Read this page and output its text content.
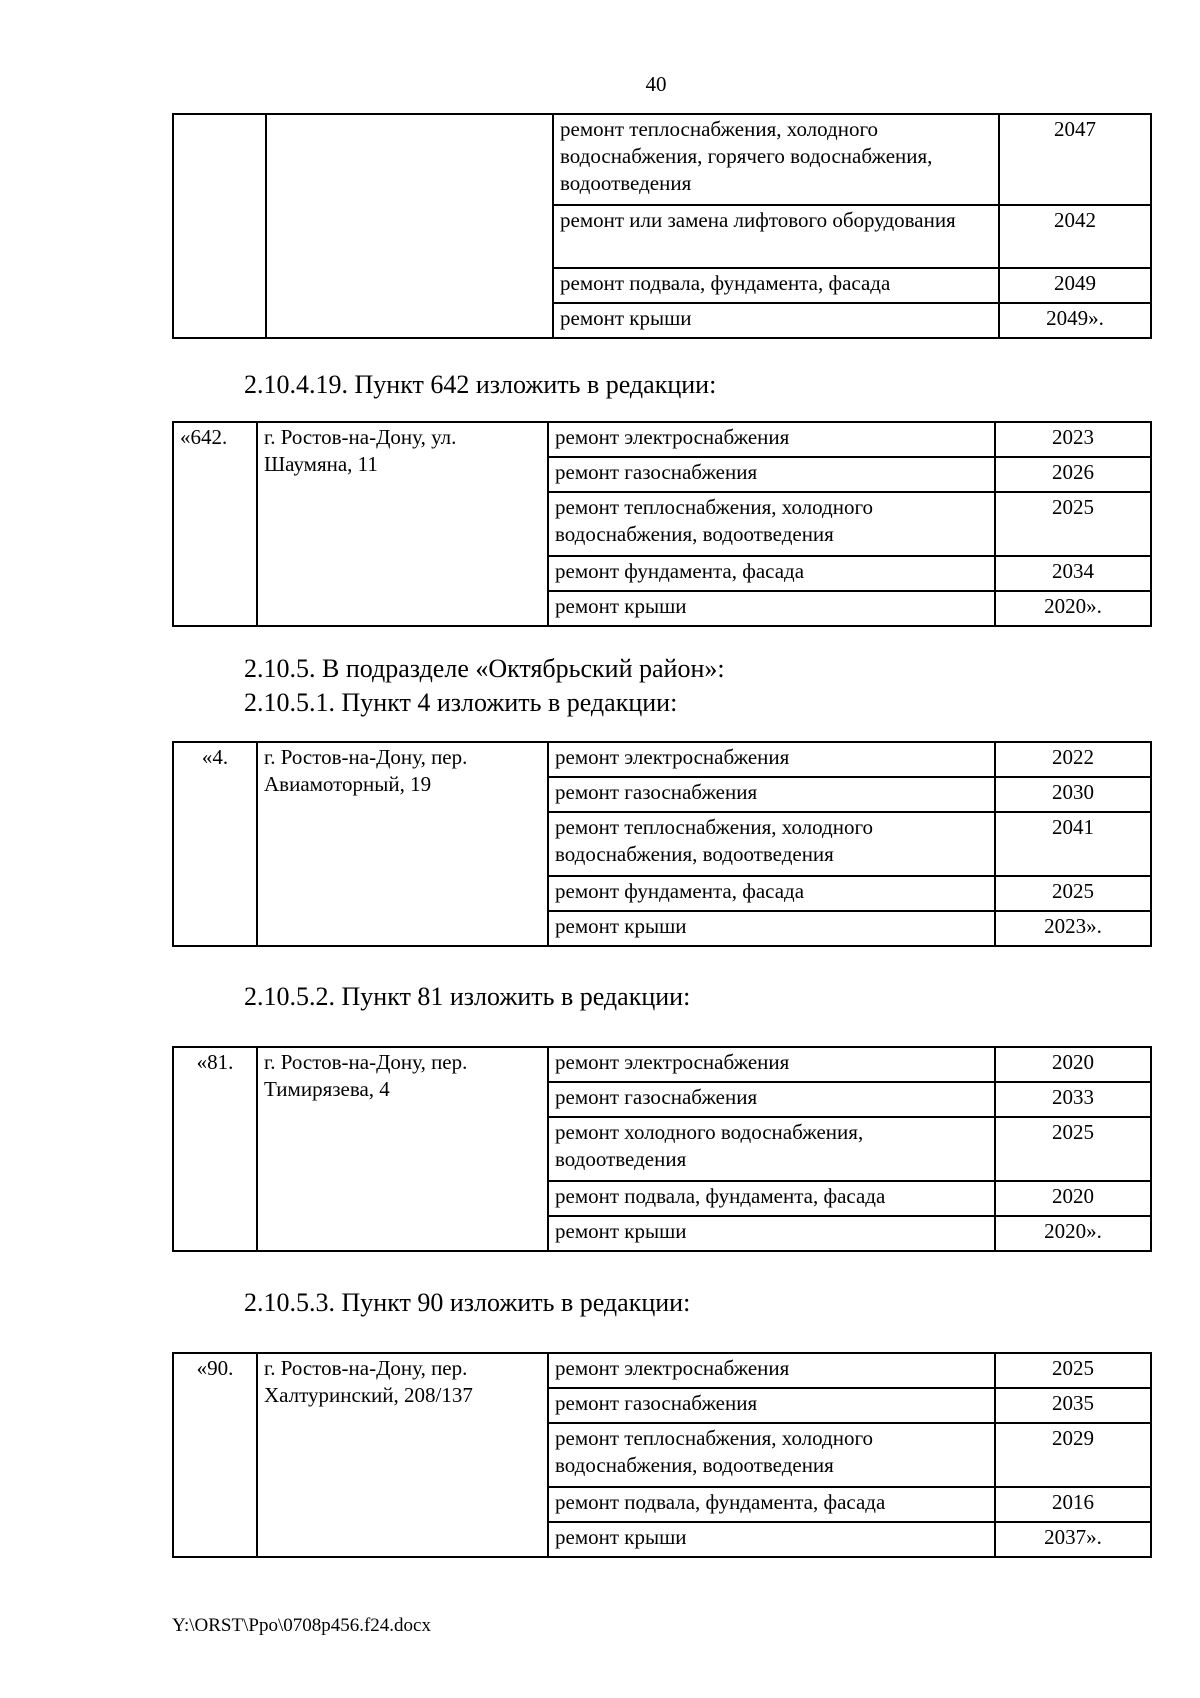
40
		ремонт теплоснабжения, холодного водоснабжения, горячего водоснабжения, водоотведения	2047
		ремонт или замена лифтового оборудования	2042
		ремонт подвала, фундамента, фасада	2049
		ремонт крыши	2049».
2.10.4.19. Пункт 642 изложить в редакции:
«642.	г. Ростов-на-Дону, ул. Шаумяна, 11	ремонт электроснабжения	2023
		ремонт газоснабжения	2026
		ремонт теплоснабжения, холодного водоснабжения, водоотведения	2025
		ремонт фундамента, фасада	2034
		ремонт крыши	2020».
2.10.5. В подразделе «Октябрьский район»:
2.10.5.1. Пункт 4 изложить в редакции:
«4.	г. Ростов-на-Дону, пер. Авиамоторный, 19	ремонт электроснабжения	2022
		ремонт газоснабжения	2030
		ремонт теплоснабжения, холодного водоснабжения, водоотведения	2041
		ремонт фундамента, фасада	2025
		ремонт крыши	2023».
2.10.5.2. Пункт 81 изложить в редакции:
«81.	г. Ростов-на-Дону, пер. Тимирязева, 4	ремонт электроснабжения	2020
		ремонт газоснабжения	2033
		ремонт холодного водоснабжения, водоотведения	2025
		ремонт подвала, фундамента, фасада	2020
		ремонт крыши	2020».
2.10.5.3. Пункт 90 изложить в редакции:
«90.	г. Ростов-на-Дону, пер. Халтуринский, 208/137	ремонт электроснабжения	2025
		ремонт газоснабжения	2035
		ремонт теплоснабжения, холодного водоснабжения, водоотведения	2029
		ремонт подвала, фундамента, фасада	2016
		ремонт крыши	2037».
Y:\ORST\Ppo\0708p456.f24.docx
